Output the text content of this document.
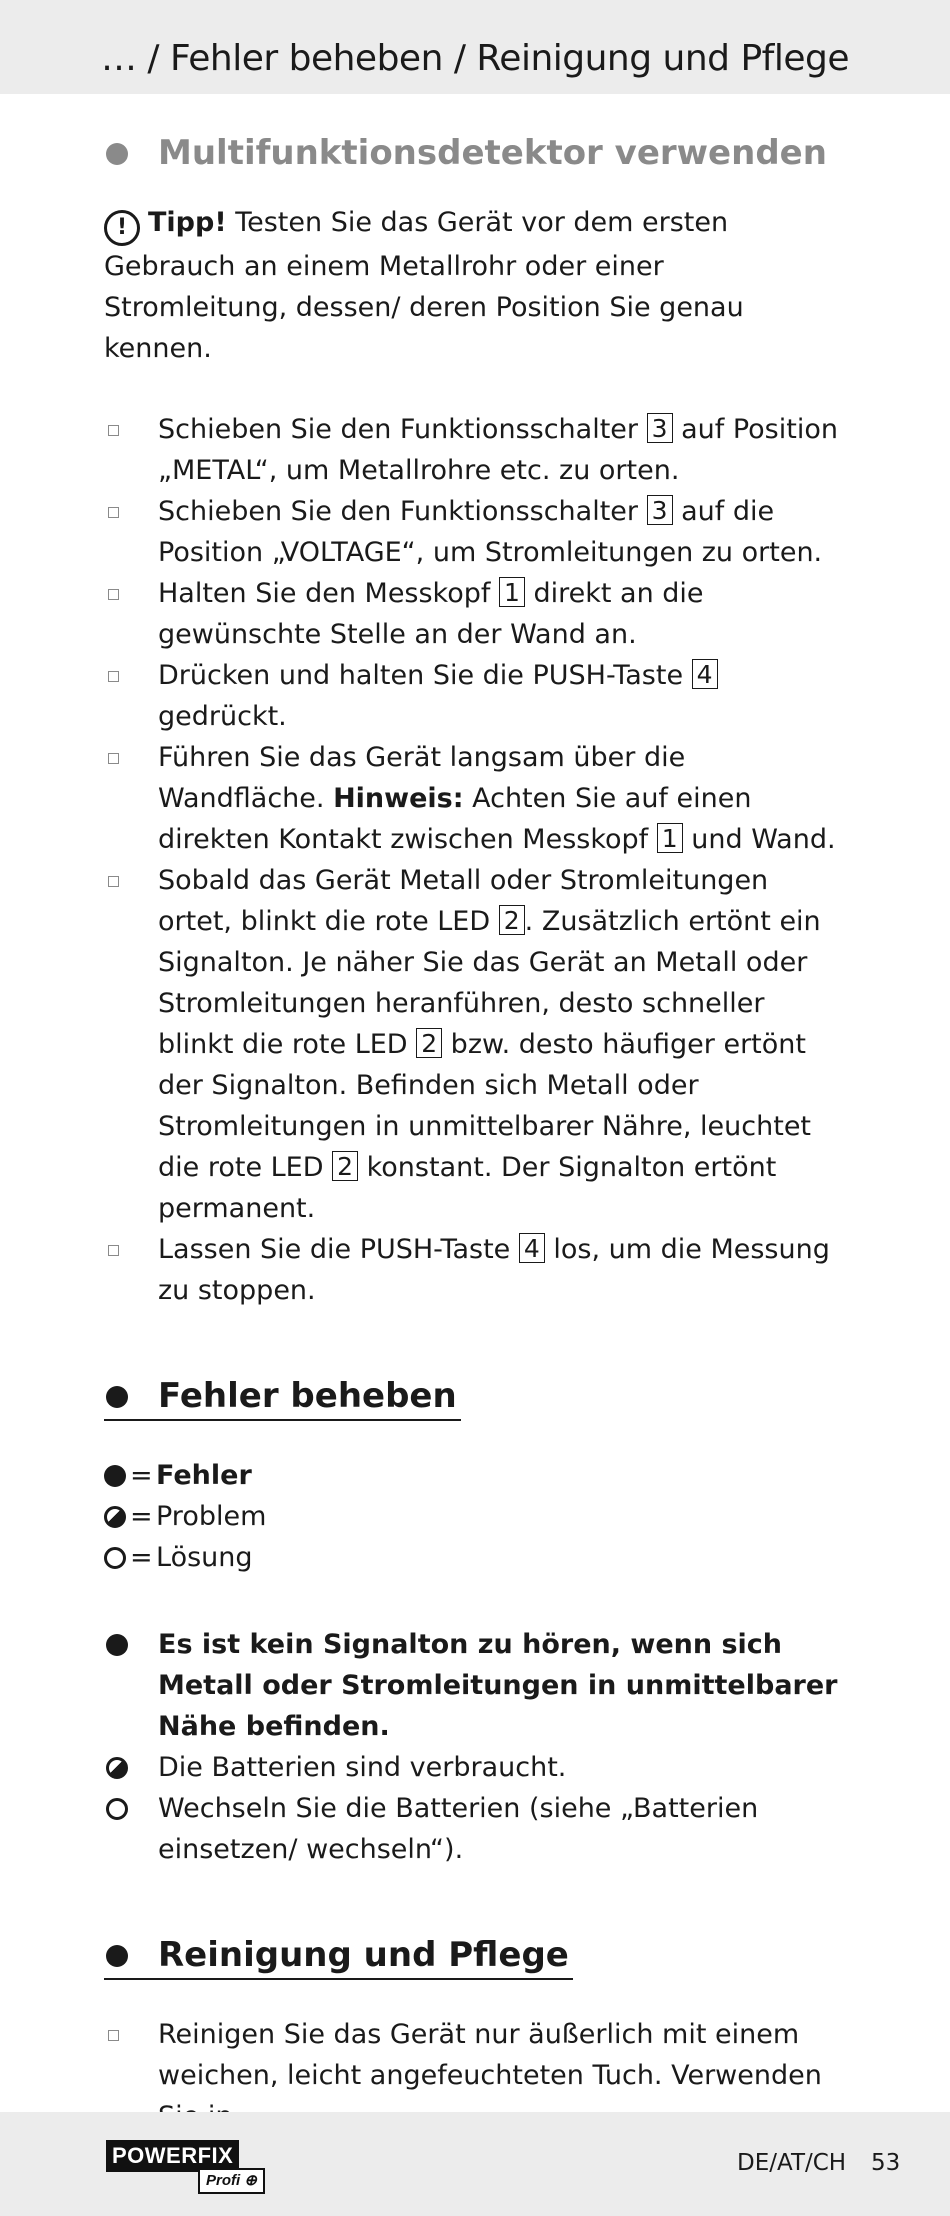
… / Fehler beheben / Reinigung und Pflege
Multifunktionsdetektor verwenden
! Tipp! Testen Sie das Gerät vor dem ersten Gebrauch an einem Metallrohr oder einer Stromleitung, dessen/ deren Position Sie genau kennen.
Schieben Sie den Funktionsschalter 3 auf Position „METAL“, um Metallrohre etc. zu orten.
Schieben Sie den Funktionsschalter 3 auf die Position „VOLTAGE“, um Stromleitungen zu orten.
Halten Sie den Messkopf 1 direkt an die gewünschte Stelle an der Wand an.
Drücken und halten Sie die PUSH-Taste 4 gedrückt.
Führen Sie das Gerät langsam über die Wandfläche. Hinweis: Achten Sie auf einen direkten Kontakt zwischen Messkopf 1 und Wand.
Sobald das Gerät Metall oder Stromleitungen ortet, blinkt die rote LED 2 . Zusätzlich ertönt ein Signalton. Je näher Sie das Gerät an Metall oder Stromleitungen heranführen, desto schneller blinkt die rote LED 2 bzw. desto häufiger ertönt der Signalton. Befinden sich Metall oder Stromleitungen in unmittelbarer Nähre, leuchtet die rote LED 2 konstant. Der Signalton ertönt permanent.
Lassen Sie die PUSH-Taste 4 los, um die Messung zu stoppen.
Fehler beheben
= Fehler
= Problem
= Lösung
Es ist kein Signalton zu hören, wenn sich Metall oder Stromleitungen in unmittelbarer Nähe befinden.
Die Batterien sind verbraucht.
Wechseln Sie die Batterien (siehe „Batterien einsetzen/ wechseln“).
Reinigung und Pflege
Reinigen Sie das Gerät nur äußerlich mit einem weichen, leicht angefeuchteten Tuch. Verwenden
POWERFIX
Profi ⊕
DE/AT/CH 53
